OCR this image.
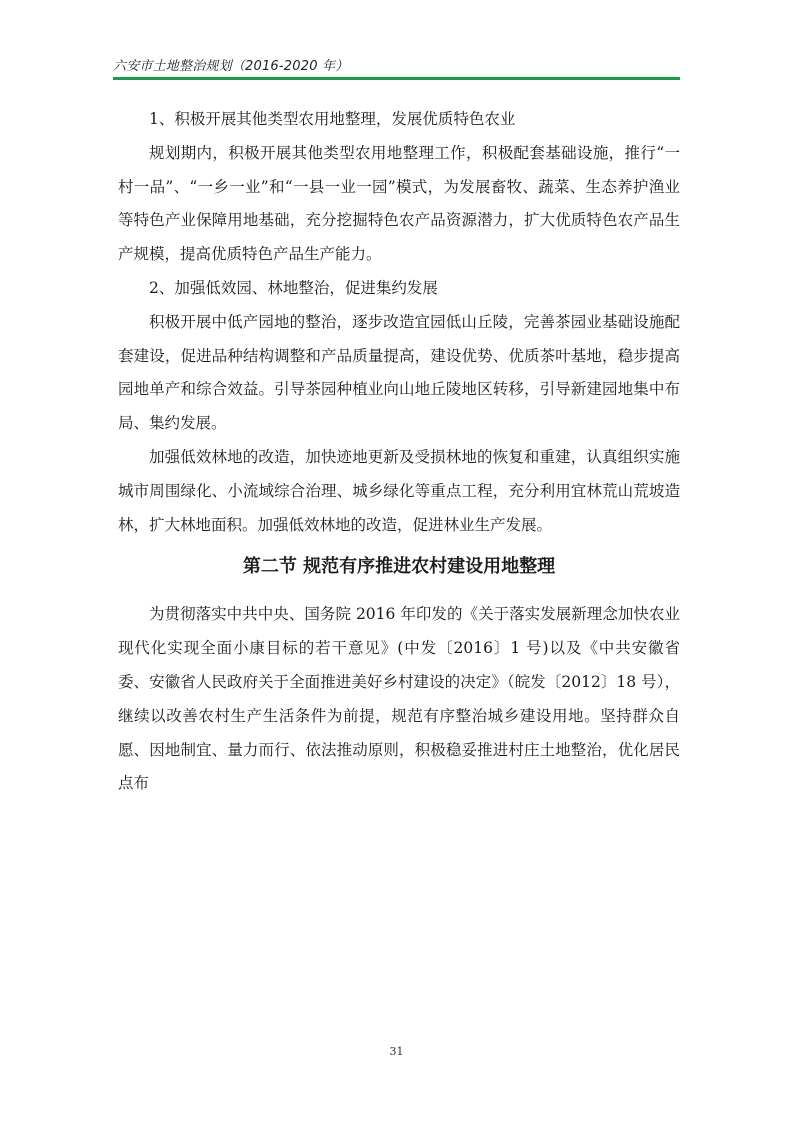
六安市土地整治规划（2016-2020 年）

1、积极开展其他类型农用地整理，发展优质特色农业

规划期内，积极开展其他类型农用地整理工作，积极配套基础设施，推行“一村一品”、“一乡一业”和“一县一业一园”模式，为发展畜牧、蔬菜、生态养护渔业等特色产业保障用地基础，充分挖掘特色农产品资源潜力，扩大优质特色农产品生产规模，提高优质特色产品生产能力。

2、加强低效园、林地整治，促进集约发展

积极开展中低产园地的整治，逐步改造宜园低山丘陵，完善茶园业基础设施配套建设，促进品种结构调整和产品质量提高，建设优势、优质茶叶基地，稳步提高园地单产和综合效益。引导茶园种植业向山地丘陵地区转移，引导新建园地集中布局、集约发展。

加强低效林地的改造，加快迹地更新及受损林地的恢复和重建，认真组织实施城市周围绿化、小流域综合治理、城乡绿化等重点工程，充分利用宜林荒山荒坡造林，扩大林地面积。加强低效林地的改造，促进林业生产发展。

第二节 规范有序推进农村建设用地整理

为贯彻落实中共中央、国务院 2016 年印发的《关于落实发展新理念加快农业现代化实现全面小康目标的若干意见》(中发〔2016〕1 号)以及《中共安徽省委、安徽省人民政府关于全面推进美好乡村建设的决定》（皖发〔2012〕18 号），继续以改善农村生产生活条件为前提，规范有序整治城乡建设用地。坚持群众自愿、因地制宜、量力而行、依法推动原则，积极稳妥推进村庄土地整治，优化居民点布

31
